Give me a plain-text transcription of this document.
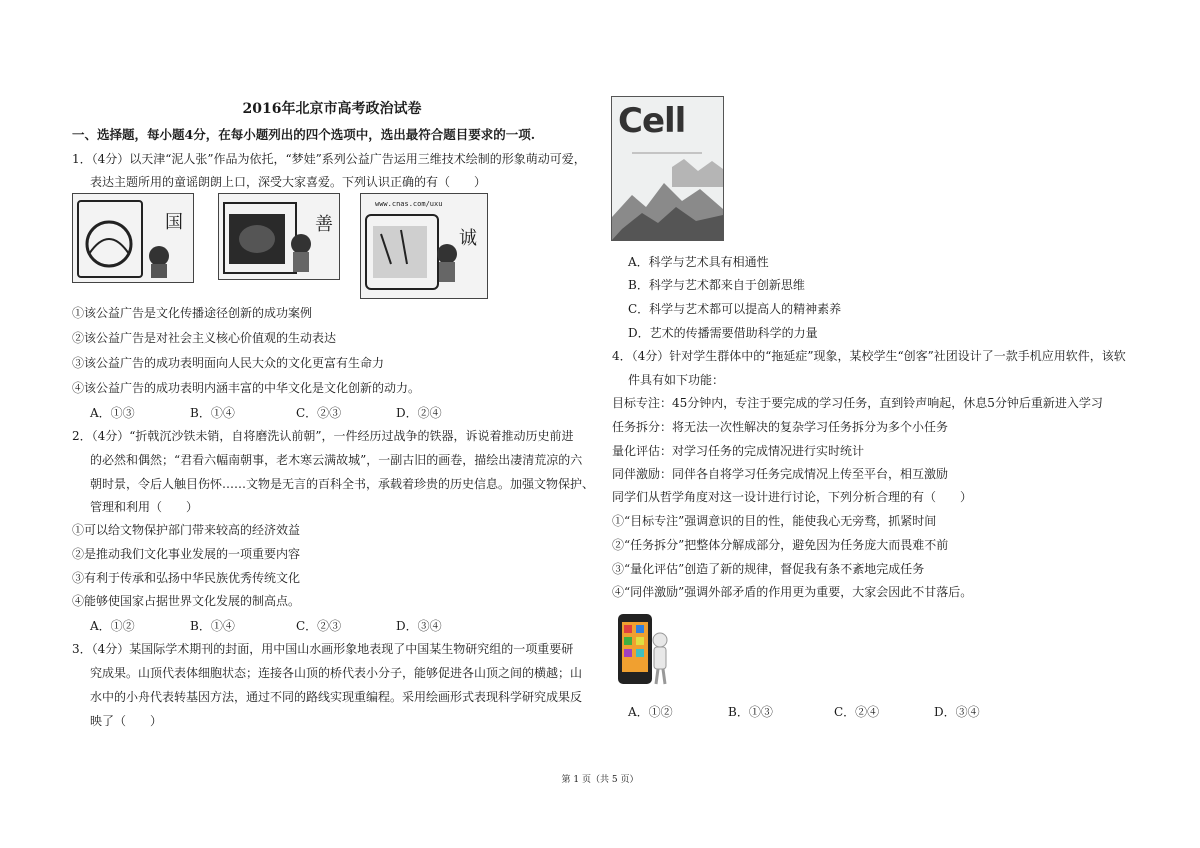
2016年北京市高考政治试卷
一、选择题，每小题4分，在每小题列出的四个选项中，选出最符合题目要求的一项.
1．（4分）以天津“泥人张”作品为依托，“梦娃”系列公益广告运用三维技术绘制的形象萌动可爱，
表达主题所用的童谣朗朗上口，深受大家喜爱。下列认识正确的有（　　）
国	善
www.cnas.com/uxu
诚
①该公益广告是文化传播途径创新的成功案例
②该公益广告是对社会主义核心价值观的生动表达
③该公益广告的成功表明面向人民大众的文化更富有生命力
④该公益广告的成功表明内涵丰富的中华文化是文化创新的动力。
A．①③	B．①④	C．②③	D．②④
2．（4分）“折戟沉沙铁未销，自将磨洗认前朝”，一件经历过战争的铁器，诉说着推动历史前进
的必然和偶然；“君看六幅南朝事，老木寒云满故城”，一副古旧的画卷，描绘出凄清荒凉的六
朝时景，令后人触目伤怀……文物是无言的百科全书，承载着珍贵的历史信息。加强文物保护、
管理和利用（　　）
①可以给文物保护部门带来较高的经济效益
②是推动我们文化事业发展的一项重要内容
③有利于传承和弘扬中华民族优秀传统文化
④能够使国家占据世界文化发展的制高点。
A．①②	B．①④	C．②③	D．③④
3．（4分）某国际学术期刊的封面，用中国山水画形象地表现了中国某生物研究组的一项重要研
究成果。山顶代表体细胞状态；连接各山顶的桥代表小分子，能够促进各山顶之间的横越；山
水中的小舟代表转基因方法，通过不同的路线实现重编程。采用绘画形式表现科学研究成果反
映了（　　）
Cell
A．科学与艺术具有相通性
B．科学与艺术都来自于创新思维
C．科学与艺术都可以提高人的精神素养
D．艺术的传播需要借助科学的力量
4．（4分）针对学生群体中的“拖延症”现象，某校学生“创客”社团设计了一款手机应用软件，该软
件具有如下功能：
目标专注：45分钟内，专注于要完成的学习任务，直到铃声响起，休息5分钟后重新进入学习
任务拆分：将无法一次性解决的复杂学习任务拆分为多个小任务
量化评估：对学习任务的完成情况进行实时统计
同伴激励：同伴各自将学习任务完成情况上传至平台，相互激励
同学们从哲学角度对这一设计进行讨论，下列分析合理的有（　　）
①“目标专注”强调意识的目的性，能使我心无旁骛，抓紧时间
②“任务拆分”把整体分解成部分，避免因为任务庞大而畏难不前
③“量化评估”创造了新的规律，督促我有条不紊地完成任务
④“同伴激励”强调外部矛盾的作用更为重要，大家会因此不甘落后。
A．①②	B．①③	C．②④	D．③④
第 1 页（共 5 页）
